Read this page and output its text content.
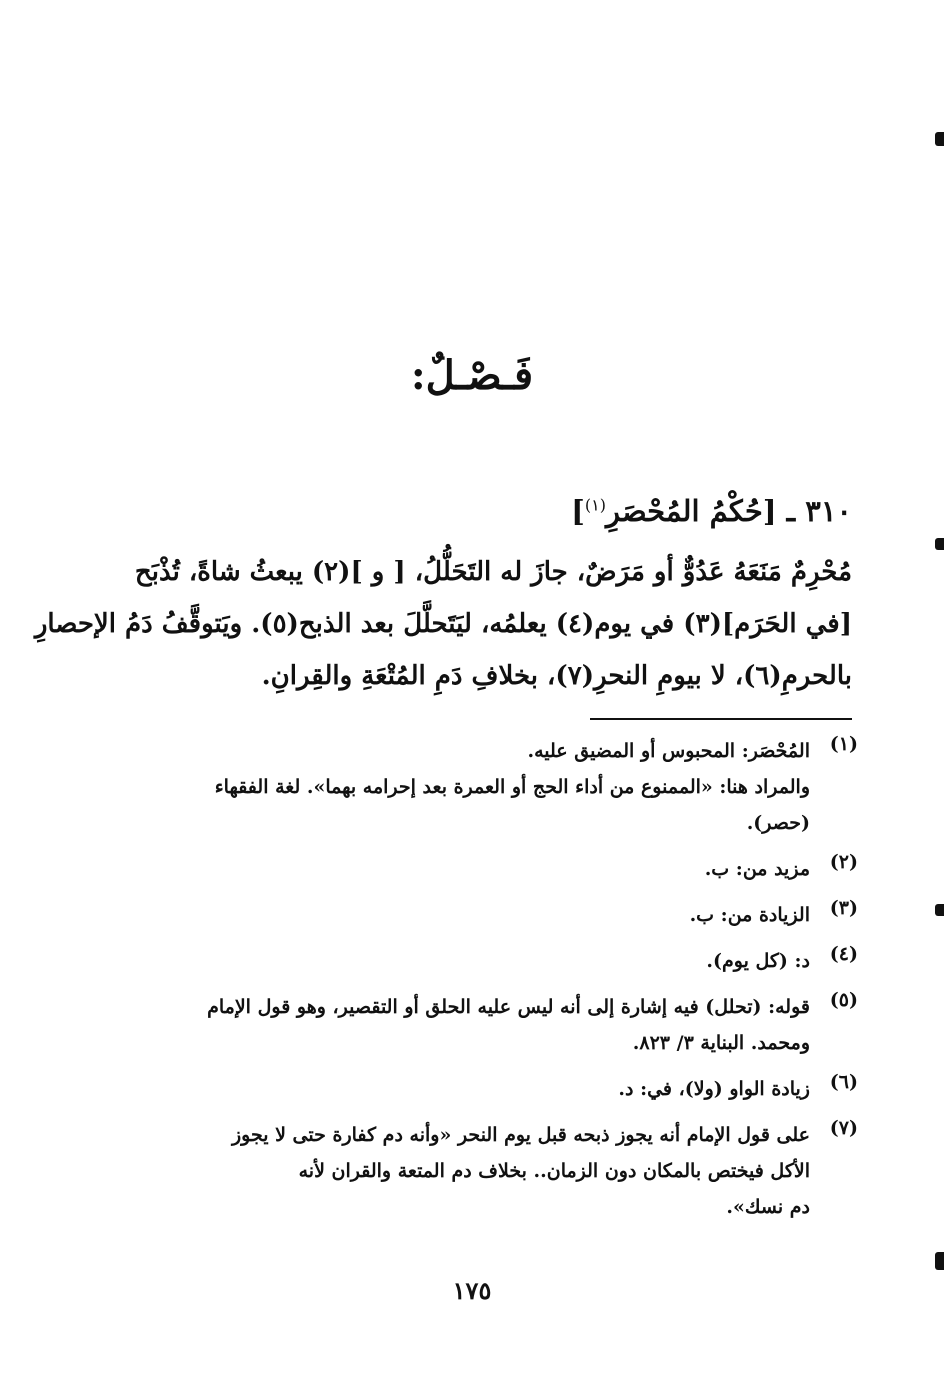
فَـصْـلٌ:
٣١٠ ـ [حُكْمُ المُحْصَرِ$^{(١)}$]
مُحْرِمٌ مَنَعَهُ عَدُوٌّ أو مَرَضٌ، جازَ له التَحَلُّلُ، [ و ](٢) يبعثُ شاةً، تُذْبَح
[في الحَرَم](٣) في يوم(٤) يعلمُه، ليَتَحلَّلَ بعد الذبح(٥). ويَتوقَّفُ دَمُ الإحصارِ
بالحرمِ(٦)، لا بيومِ النحرِ(٧)، بخلافِ دَمِ المُتْعَةِ والقِرانِ.
(١)
المُحْصَر: المحبوس أو المضيق عليه.
والمراد هنا: «الممنوع من أداء الحج أو العمرة بعد إحرامه بهما». لغة الفقهاء
(حصر).
(٢)
مزيد من: ب.
(٣)
الزيادة من: ب.
(٤)
د: (كل يوم).
(٥)
قوله: (تحلل) فيه إشارة إلى أنه ليس عليه الحلق أو التقصير، وهو قول الإمام
ومحمد. البناية ٣/ ٨٢٣.
(٦)
زيادة الواو (ولا)، في: د.
(٧)
على قول الإمام أنه يجوز ذبحه قبل يوم النحر «وأنه دم كفارة حتى لا يجوز
الأكل فيختص بالمكان دون الزمان.. بخلاف دم المتعة والقران لأنه
دم نسك».
١٧٥
